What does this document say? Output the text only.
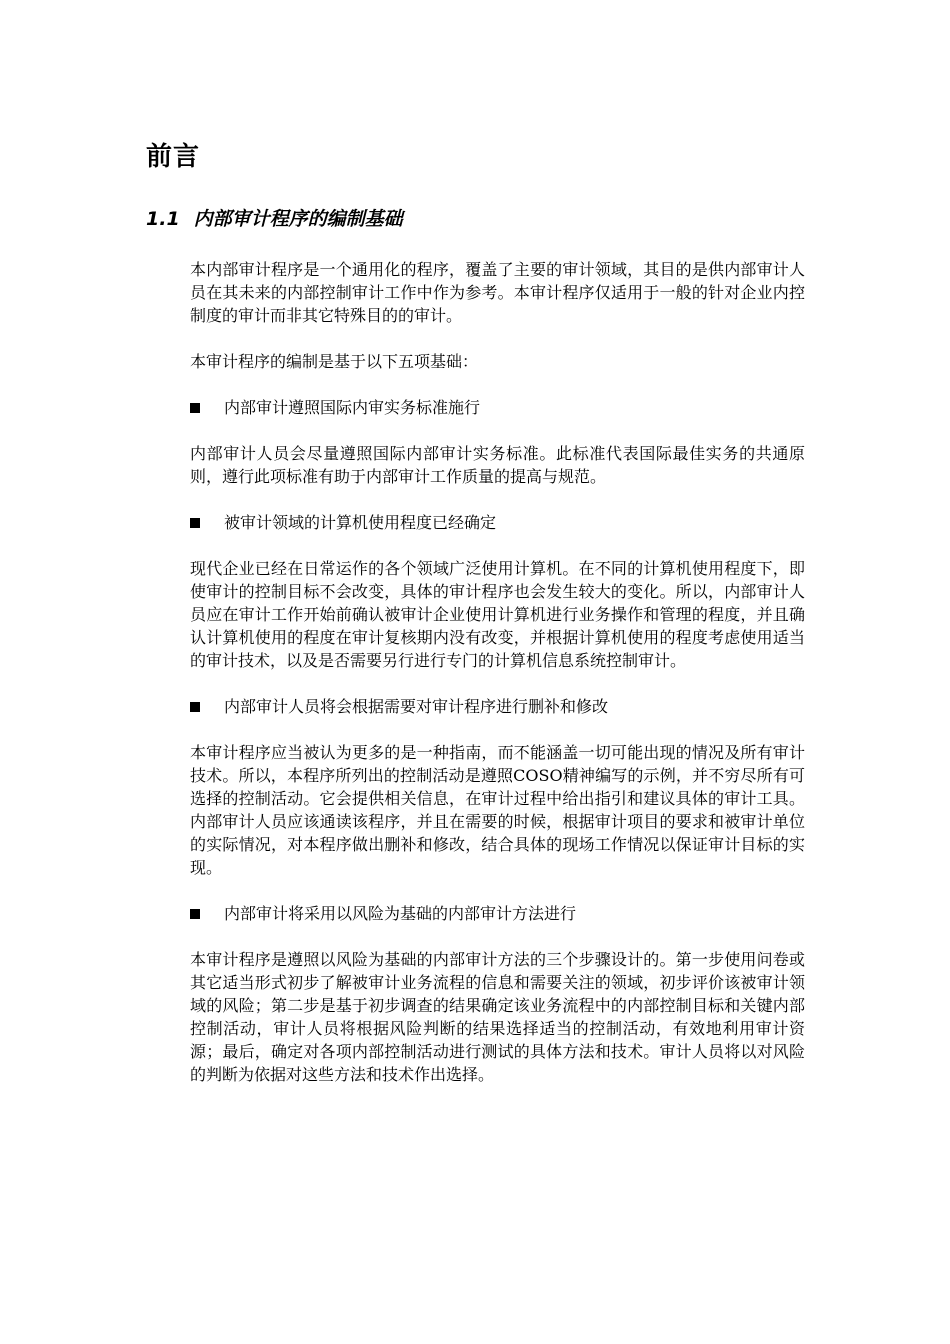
前言
1.1 内部审计程序的编制基础

本内部审计程序是一个通用化的程序，覆盖了主要的审计领域，其目的是供内部审计人员在其未来的内部控制审计工作中作为参考。本审计程序仅适用于一般的针对企业内控制度的审计而非其它特殊目的的审计。

本审计程序的编制是基于以下五项基础：

内部审计遵照国际内审实务标准施行

内部审计人员会尽量遵照国际内部审计实务标准。此标准代表国际最佳实务的共通原则，遵行此项标准有助于内部审计工作质量的提高与规范。

被审计领域的计算机使用程度已经确定

现代企业已经在日常运作的各个领域广泛使用计算机。在不同的计算机使用程度下，即使审计的控制目标不会改变，具体的审计程序也会发生较大的变化。所以，内部审计人员应在审计工作开始前确认被审计企业使用计算机进行业务操作和管理的程度，并且确认计算机使用的程度在审计复核期内没有改变，并根据计算机使用的程度考虑使用适当的审计技术，以及是否需要另行进行专门的计算机信息系统控制审计。

内部审计人员将会根据需要对审计程序进行删补和修改

本审计程序应当被认为更多的是一种指南，而不能涵盖一切可能出现的情况及所有审计技术。所以，本程序所列出的控制活动是遵照COSO精神编写的示例，并不穷尽所有可选择的控制活动。它会提供相关信息，在审计过程中给出指引和建议具体的审计工具。内部审计人员应该通读该程序，并且在需要的时候，根据审计项目的要求和被审计单位的实际情况，对本程序做出删补和修改，结合具体的现场工作情况以保证审计目标的实现。

内部审计将采用以风险为基础的内部审计方法进行

本审计程序是遵照以风险为基础的内部审计方法的三个步骤设计的。第一步使用问卷或其它适当形式初步了解被审计业务流程的信息和需要关注的领域，初步评价该被审计领域的风险；第二步是基于初步调查的结果确定该业务流程中的内部控制目标和关键内部控制活动，审计人员将根据风险判断的结果选择适当的控制活动，有效地利用审计资源；最后，确定对各项内部控制活动进行测试的具体方法和技术。审计人员将以对风险的判断为依据对这些方法和技术作出选择。
